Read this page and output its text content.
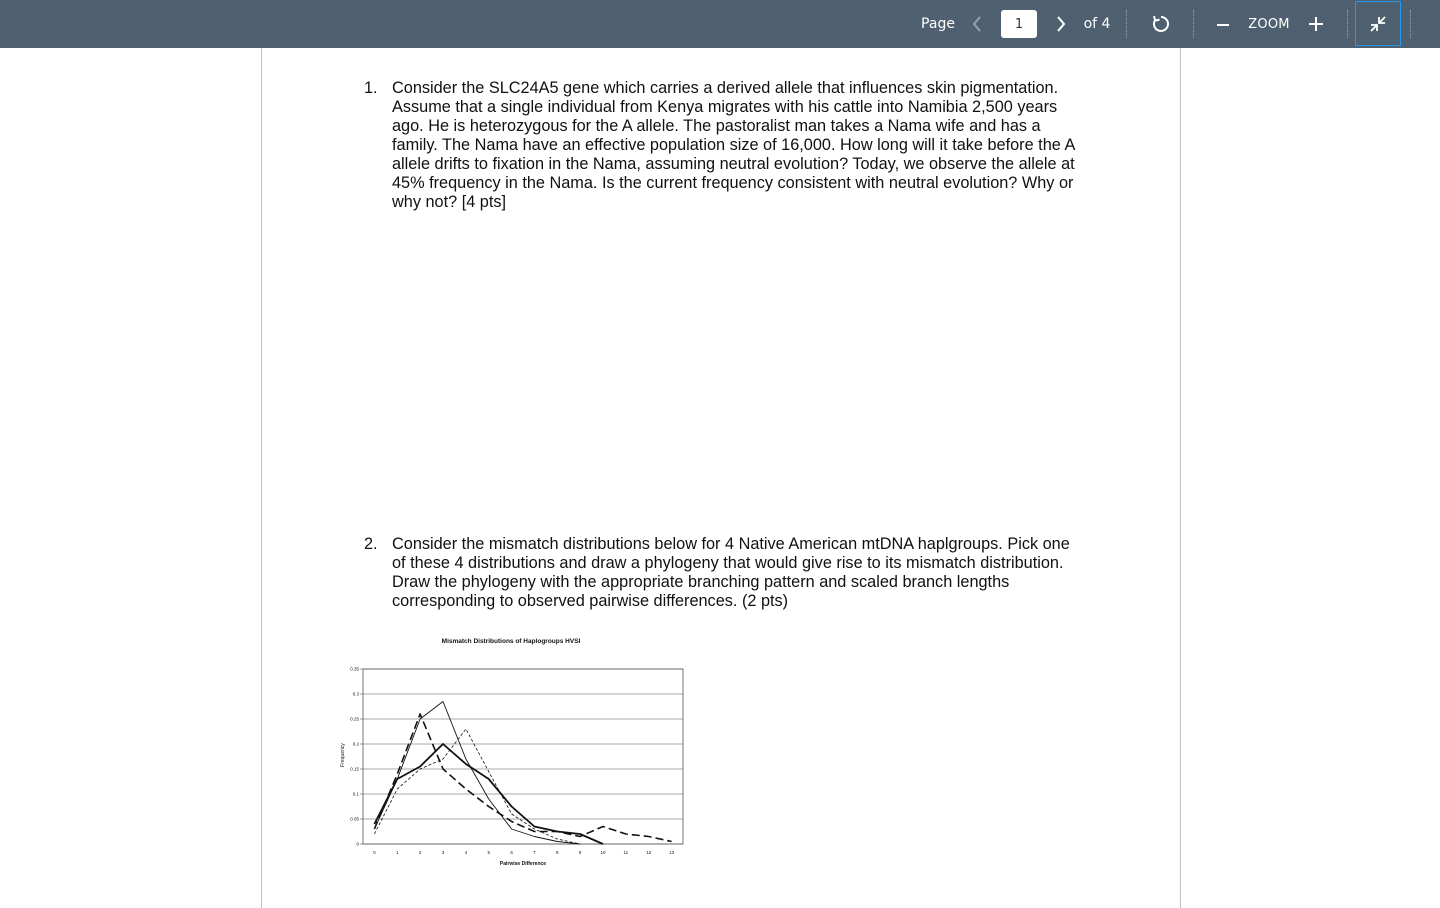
Page
1	of 4	ZOOM
1. Consider the SLC24A5 gene which carries a derived allele that influences skin pigmentation. Assume that a single individual from Kenya migrates with his cattle into Namibia 2,500 years ago. He is heterozygous for the A allele. The pastoralist man takes a Nama wife and has a family. The Nama have an effective population size of 16,000. How long will it take before the A allele drifts to fixation in the Nama, assuming neutral evolution? Today, we observe the allele at 45% frequency in the Nama. Is the current frequency consistent with neutral evolution? Why or why not? [4 pts]
2. Consider the mismatch distributions below for 4 Native American mtDNA haplgroups. Pick one of these 4 distributions and draw a phylogeny that would give rise to its mismatch distribution. Draw the phylogeny with the appropriate branching pattern and scaled branch lengths corresponding to observed pairwise differences. (2 pts)
Mismatch Distributions of Haplogroups HVSI
Frequency
Pairwise Difference
0
0.05
0.1
0.15
0.2
0.25
0.3
0.35
0	1	2	3	4	5	6	7	8	9	10	11	12	13
